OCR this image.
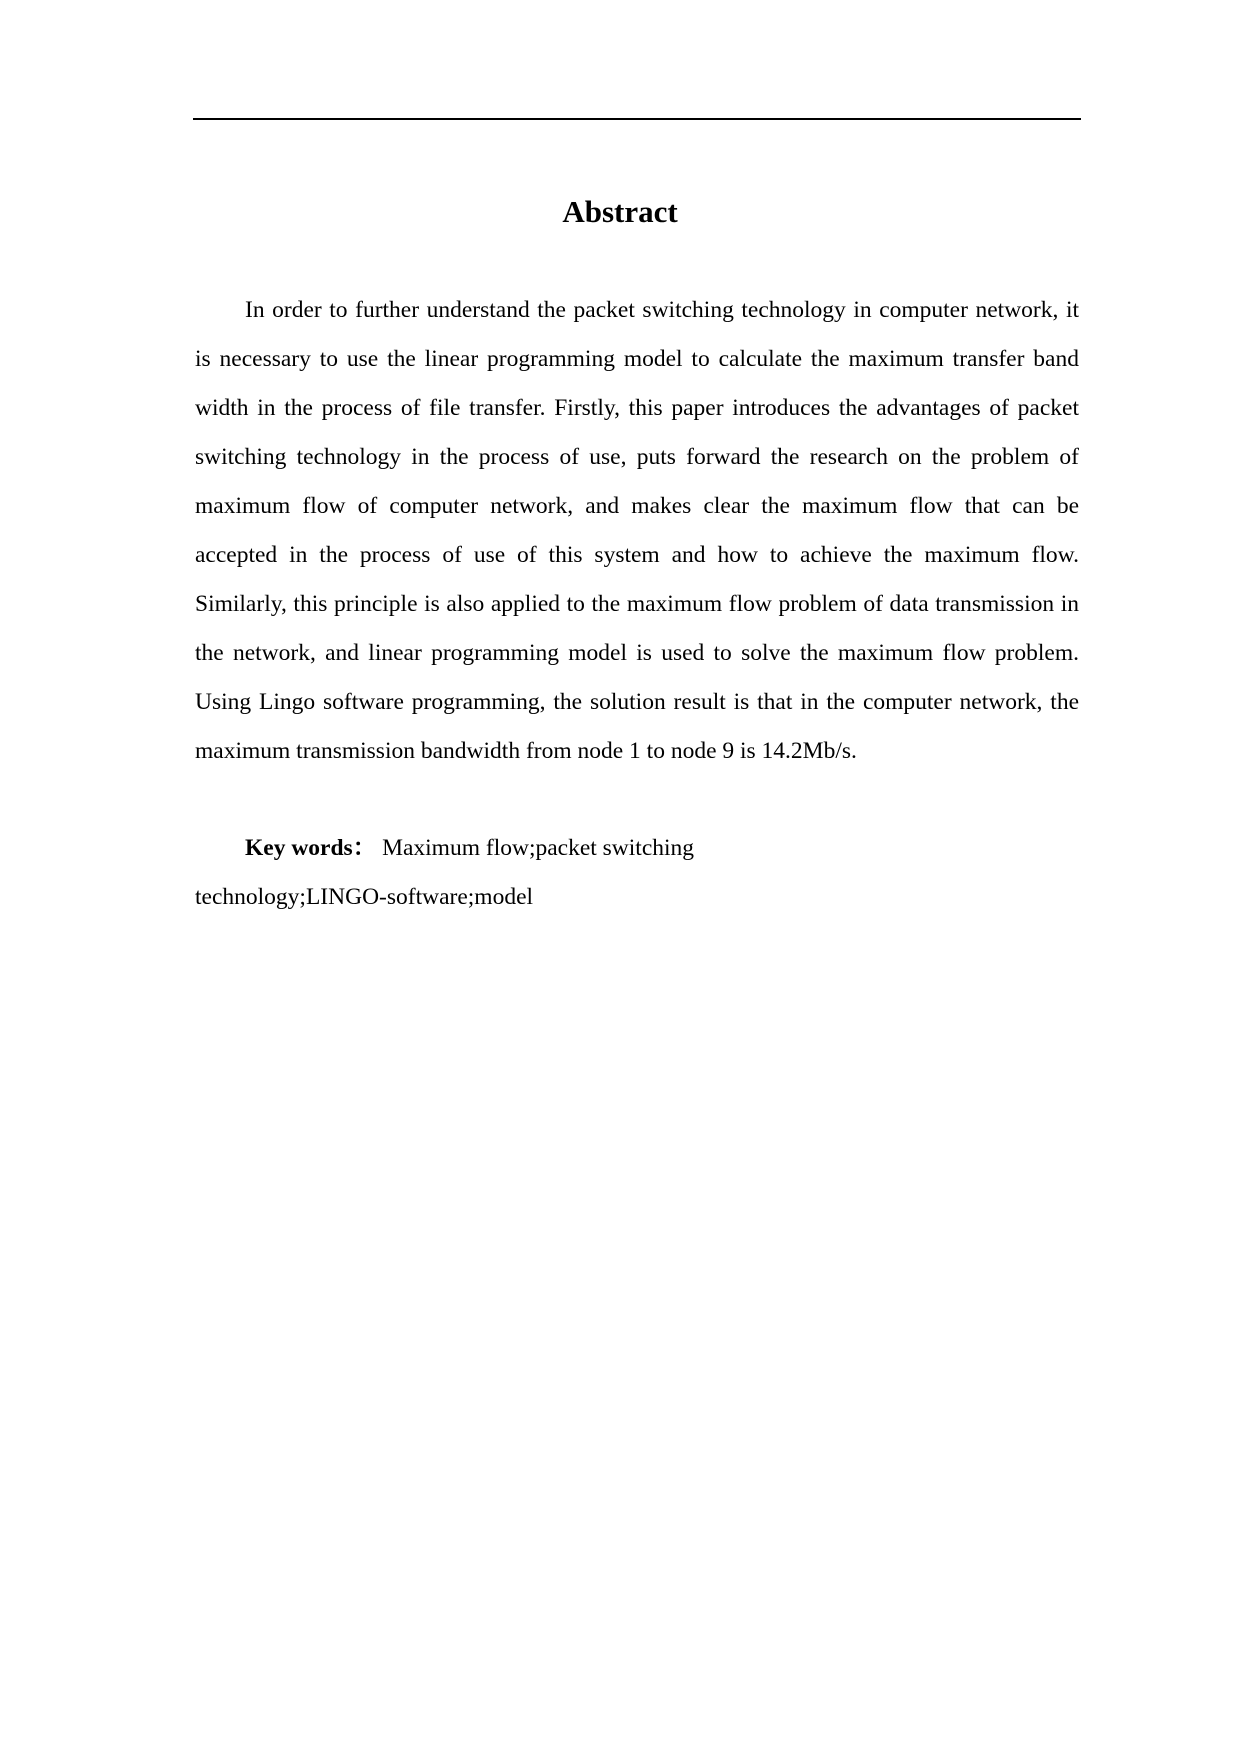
Abstract

In order to further understand the packet switching technology in computer network, it is necessary to use the linear programming model to calculate the maximum transfer band width in the process of file transfer. Firstly, this paper introduces the advantages of packet switching technology in the process of use, puts forward the research on the problem of maximum flow of computer network, and makes clear the maximum flow that can be accepted in the process of use of this system and how to achieve the maximum flow. Similarly, this principle is also applied to the maximum flow problem of data transmission in the network, and linear programming model is used to solve the maximum flow problem. Using Lingo software programming, the solution result is that in the computer network, the maximum transmission bandwidth from node 1 to node 9 is 14.2Mb/s.

Key words： Maximum flow;packet switching
technology;LINGO-software;model
